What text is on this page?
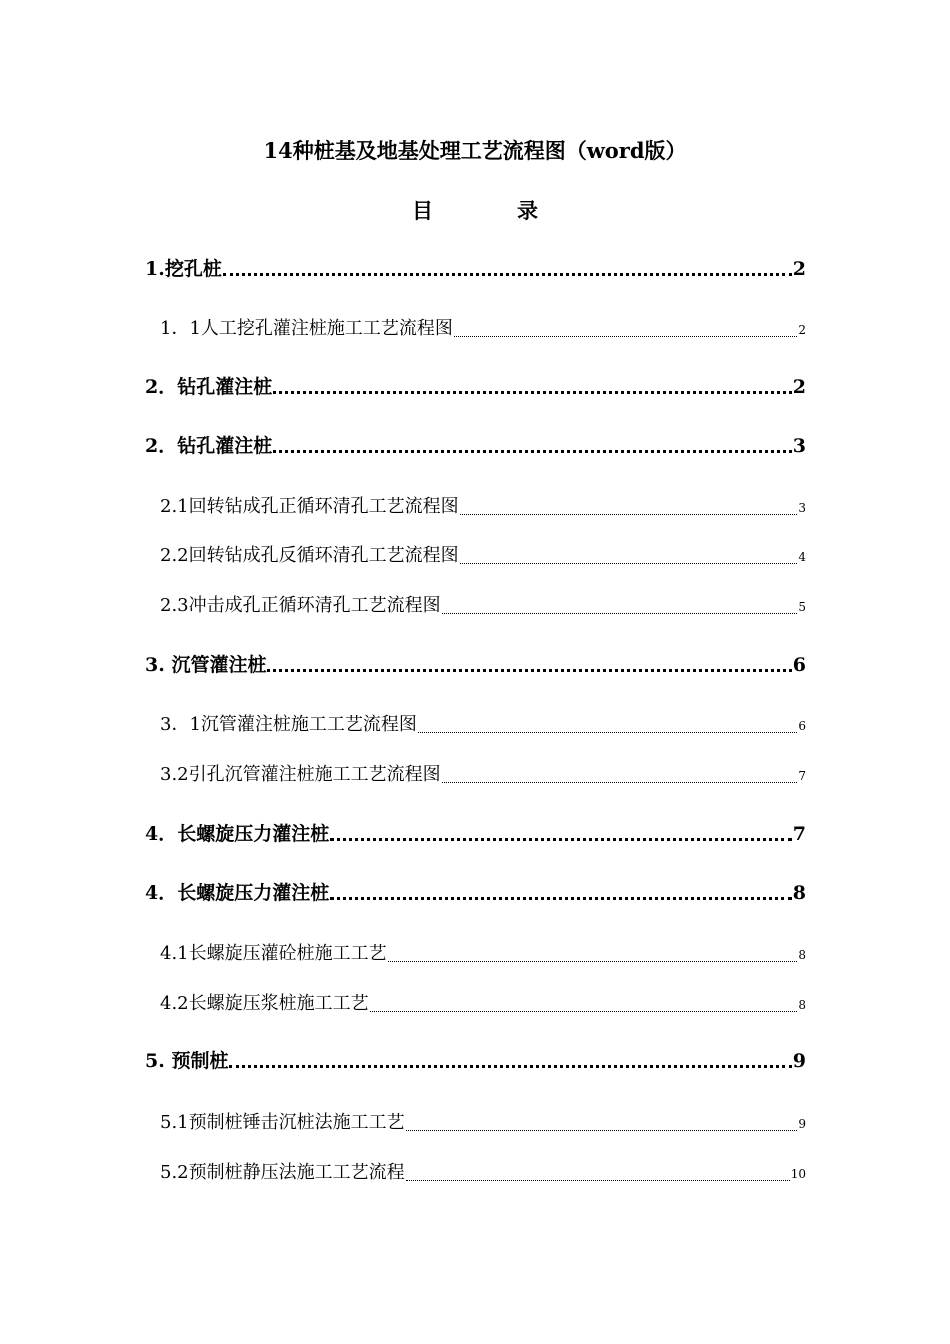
14种桩基及地基处理工艺流程图（word版）
目	录
1.挖孔桩	2
1．1人工挖孔灌注桩施工工艺流程图	2
2．钻孔灌注桩	2
2．钻孔灌注桩	3
2.1回转钻成孔正循环清孔工艺流程图	3
2.2回转钻成孔反循环清孔工艺流程图	4
2.3冲击成孔正循环清孔工艺流程图	5
3. 沉管灌注桩	6
3．1沉管灌注桩施工工艺流程图	6
3.2引孔沉管灌注桩施工工艺流程图	7
4．长螺旋压力灌注桩	7
4．长螺旋压力灌注桩	8
4.1长螺旋压灌砼桩施工工艺	8
4.2长螺旋压浆桩施工工艺	8
5. 预制桩	9
5.1预制桩锤击沉桩法施工工艺	9
5.2预制桩静压法施工工艺流程	10
